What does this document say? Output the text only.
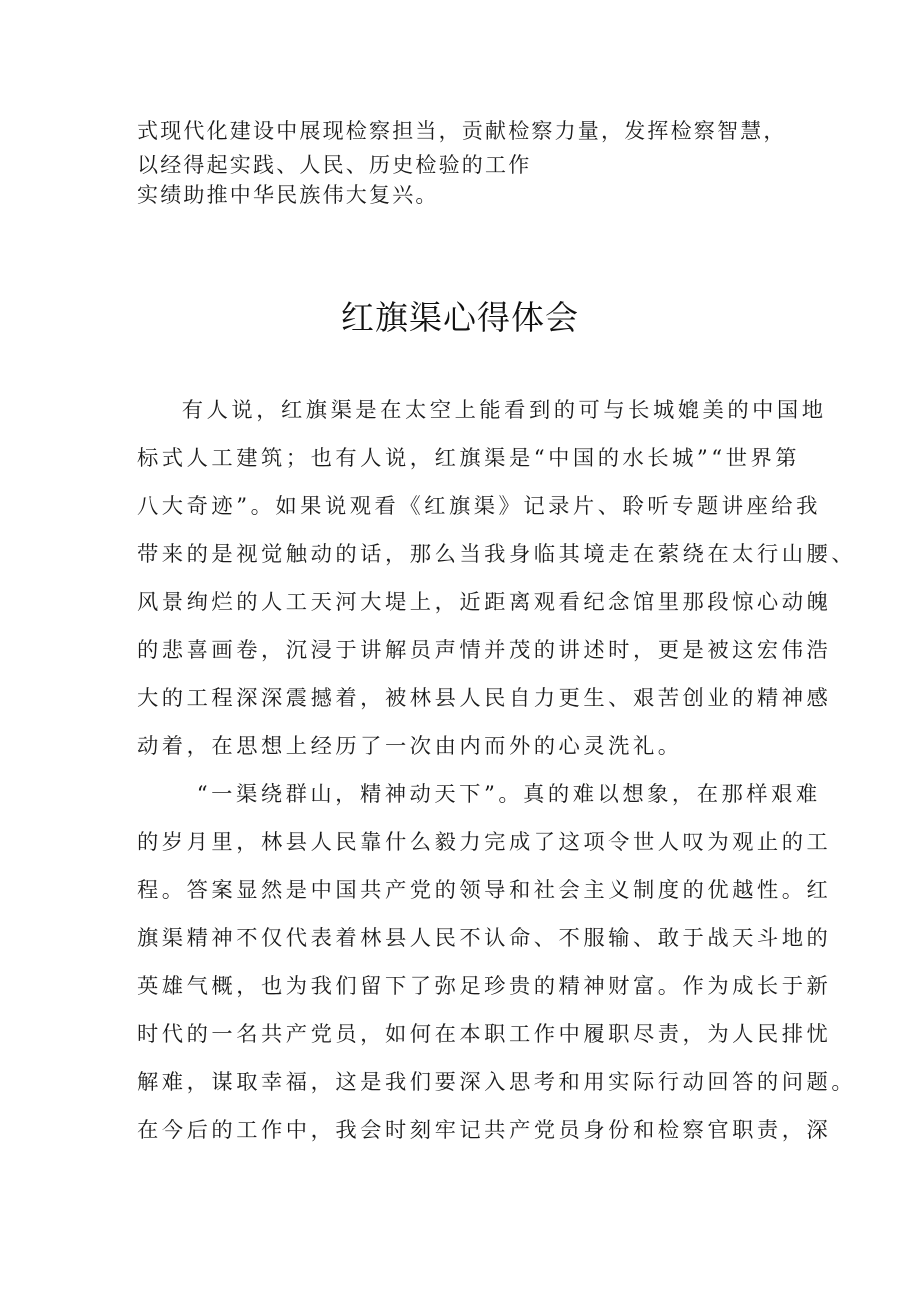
式现代化建设中展现检察担当，贡献检察力量，发挥检察智慧，
以经得起实践、人民、历史检验的工作
实绩助推中华民族伟大复兴。
红旗渠心得体会
　有人说，红旗渠是在太空上能看到的可与长城媲美的中国地
标式人工建筑；也有人说，红旗渠是“中国的水长城”“世界第
八大奇迹”。如果说观看《红旗渠》记录片、聆听专题讲座给我
带来的是视觉触动的话，那么当我身临其境走在萦绕在太行山腰、
风景绚烂的人工天河大堤上，近距离观看纪念馆里那段惊心动魄
的悲喜画卷，沉浸于讲解员声情并茂的讲述时，更是被这宏伟浩
大的工程深深震撼着，被林县人民自力更生、艰苦创业的精神感
动着，在思想上经历了一次由内而外的心灵洗礼。
　“一渠绕群山，精神动天下”。真的难以想象，在那样艰难
的岁月里，林县人民靠什么毅力完成了这项令世人叹为观止的工
程。答案显然是中国共产党的领导和社会主义制度的优越性。红
旗渠精神不仅代表着林县人民不认命、不服输、敢于战天斗地的
英雄气概，也为我们留下了弥足珍贵的精神财富。作为成长于新
时代的一名共产党员，如何在本职工作中履职尽责，为人民排忧
解难，谋取幸福，这是我们要深入思考和用实际行动回答的问题。
在今后的工作中，我会时刻牢记共产党员身份和检察官职责，深
